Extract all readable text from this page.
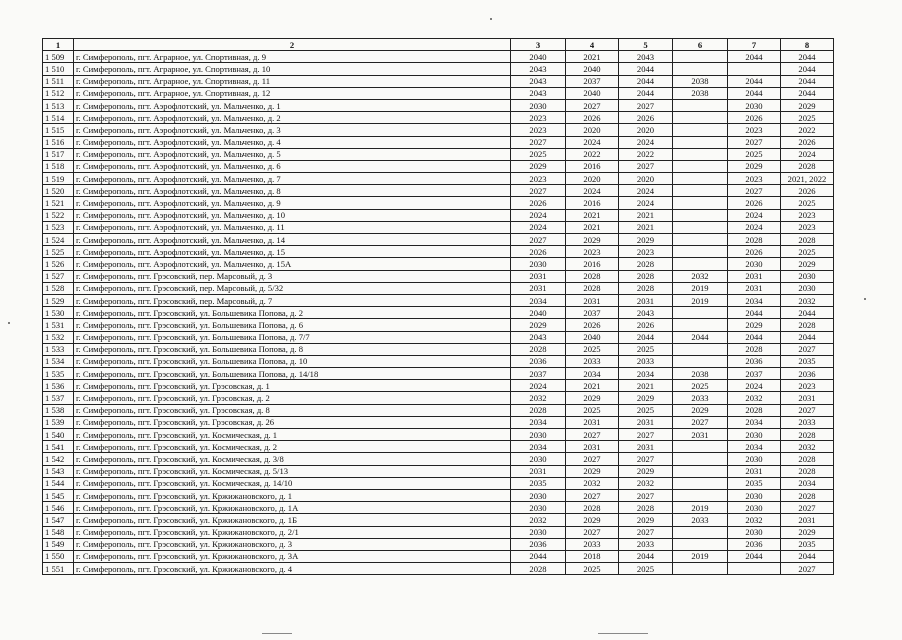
1	2	3	4	5	6	7	8
1 509	г. Симферополь, пгт. Аграрное, ул. Спортивная, д. 9	2040	2021	2043		2044	2044
1 510	г. Симферополь, пгт. Аграрное, ул. Спортивная, д. 10	2043	2040	2044			2044
1 511	г. Симферополь, пгт. Аграрное, ул. Спортивная, д. 11	2043	2037	2044	2038	2044	2044
1 512	г. Симферополь, пгт. Аграрное, ул. Спортивная, д. 12	2043	2040	2044	2038	2044	2044
1 513	г. Симферополь, пгт. Аэрофлотский, ул. Мальченко, д. 1	2030	2027	2027		2030	2029
1 514	г. Симферополь, пгт. Аэрофлотский, ул. Мальченко, д. 2	2023	2026	2026		2026	2025
1 515	г. Симферополь, пгт. Аэрофлотский, ул. Мальченко, д. 3	2023	2020	2020		2023	2022
1 516	г. Симферополь, пгт. Аэрофлотский, ул. Мальченко, д. 4	2027	2024	2024		2027	2026
1 517	г. Симферополь, пгт. Аэрофлотский, ул. Мальченко, д. 5	2025	2022	2022		2025	2024
1 518	г. Симферополь, пгт. Аэрофлотский, ул. Мальченко, д. 6	2029	2016	2027		2029	2028
1 519	г. Симферополь, пгт. Аэрофлотский, ул. Мальченко, д. 7	2023	2020	2020		2023	2021, 2022
1 520	г. Симферополь, пгт. Аэрофлотский, ул. Мальченко, д. 8	2027	2024	2024		2027	2026
1 521	г. Симферополь, пгт. Аэрофлотский, ул. Мальченко, д. 9	2026	2016	2024		2026	2025
1 522	г. Симферополь, пгт. Аэрофлотский, ул. Мальченко, д. 10	2024	2021	2021		2024	2023
1 523	г. Симферополь, пгт. Аэрофлотский, ул. Мальченко, д. 11	2024	2021	2021		2024	2023
1 524	г. Симферополь, пгт. Аэрофлотский, ул. Мальченко, д. 14	2027	2029	2029		2028	2028
1 525	г. Симферополь, пгт. Аэрофлотский, ул. Мальченко, д. 15	2026	2023	2023		2026	2025
1 526	г. Симферополь, пгт. Аэрофлотский, ул. Мальченко, д. 15А	2030	2016	2028		2030	2029
1 527	г. Симферополь, пгт. Грэсовский, пер. Марсовый, д. 3	2031	2028	2028	2032	2031	2030
1 528	г. Симферополь, пгт. Грэсовский, пер. Марсовый, д. 5/32	2031	2028	2028	2019	2031	2030
1 529	г. Симферополь, пгт. Грэсовский, пер. Марсовый, д. 7	2034	2031	2031	2019	2034	2032
1 530	г. Симферополь, пгт. Грэсовский, ул. Большевика Попова, д. 2	2040	2037	2043		2044	2044
1 531	г. Симферополь, пгт. Грэсовский, ул. Большевика Попова, д. 6	2029	2026	2026		2029	2028
1 532	г. Симферополь, пгт. Грэсовский, ул. Большевика Попова, д. 7/7	2043	2040	2044	2044	2044	2044
1 533	г. Симферополь, пгт. Грэсовский, ул. Большевика Попова, д. 8	2028	2025	2025		2028	2027
1 534	г. Симферополь, пгт. Грэсовский, ул. Большевика Попова, д. 10	2036	2033	2033		2036	2035
1 535	г. Симферополь, пгт. Грэсовский, ул. Большевика Попова, д. 14/18	2037	2034	2034	2038	2037	2036
1 536	г. Симферополь, пгт. Грэсовский, ул. Грэсовская, д. 1	2024	2021	2021	2025	2024	2023
1 537	г. Симферополь, пгт. Грэсовский, ул. Грэсовская, д. 2	2032	2029	2029	2033	2032	2031
1 538	г. Симферополь, пгт. Грэсовский, ул. Грэсовская, д. 8	2028	2025	2025	2029	2028	2027
1 539	г. Симферополь, пгт. Грэсовский, ул. Грэсовская, д. 26	2034	2031	2031	2027	2034	2033
1 540	г. Симферополь, пгт. Грэсовский, ул. Космическая, д. 1	2030	2027	2027	2031	2030	2028
1 541	г. Симферополь, пгт. Грэсовский, ул. Космическая, д. 2	2034	2031	2031		2034	2032
1 542	г. Симферополь, пгт. Грэсовский, ул. Космическая, д. 3/8	2030	2027	2027		2030	2028
1 543	г. Симферополь, пгт. Грэсовский, ул. Космическая, д. 5/13	2031	2029	2029		2031	2028
1 544	г. Симферополь, пгт. Грэсовский, ул. Космическая, д. 14/10	2035	2032	2032		2035	2034
1 545	г. Симферополь, пгт. Грэсовский, ул. Кржижановского, д. 1	2030	2027	2027		2030	2028
1 546	г. Симферополь, пгт. Грэсовский, ул. Кржижановского, д. 1А	2030	2028	2028	2019	2030	2027
1 547	г. Симферополь, пгт. Грэсовский, ул. Кржижановского, д. 1Б	2032	2029	2029	2033	2032	2031
1 548	г. Симферополь, пгт. Грэсовский, ул. Кржижановского, д. 2/1	2030	2027	2027		2030	2029
1 549	г. Симферополь, пгт. Грэсовский, ул. Кржижановского, д. 3	2036	2033	2033		2036	2035
1 550	г. Симферополь, пгт. Грэсовский, ул. Кржижановского, д. 3А	2044	2018	2044	2019	2044	2044
1 551	г. Симферополь, пгт. Грэсовский, ул. Кржижановского, д. 4	2028	2025	2025			2027
